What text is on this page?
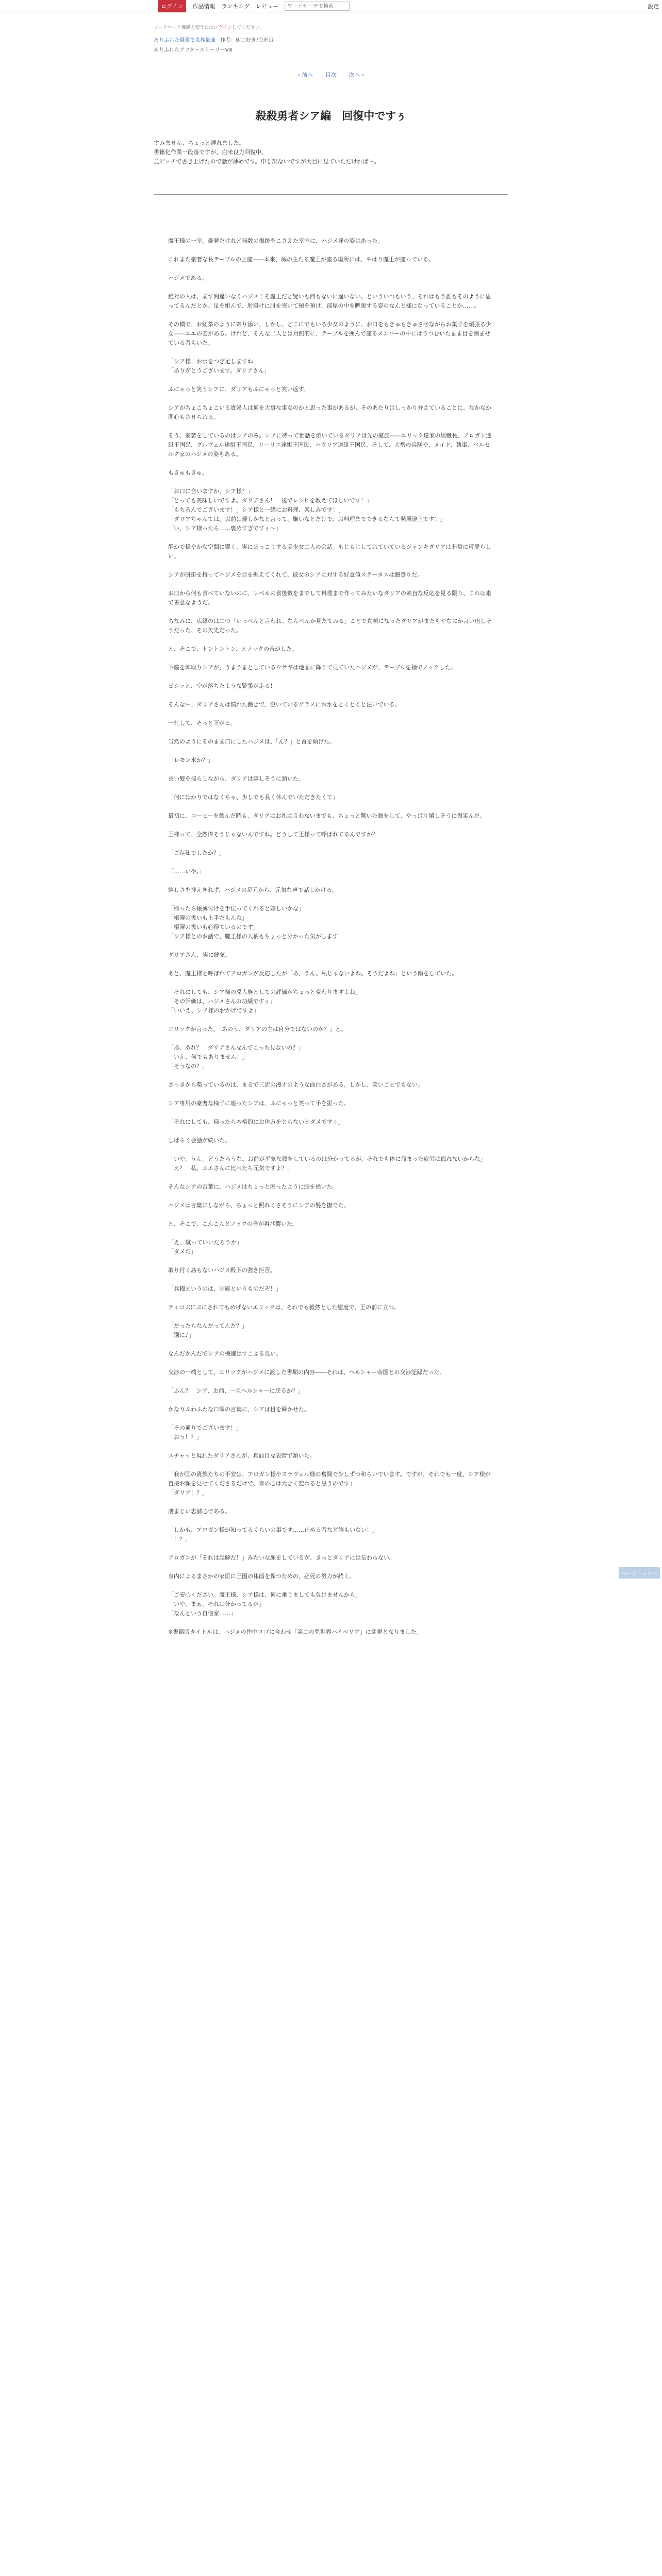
ログイン	作品情報 ランキング レビュー
ワードサーチで検索	設定
ブックマーク機能を使うにはログインしてください。
ありふれた職業で世界最強 作者：厨二好き/白米良
ありふれたアフターストーリーⅧ
‹ 前へ 目次 次へ ›
殺殺勇者シア編　回復中ですぅ

すみません、ちょっと遅れました。

書籍化作業一段落ですが、白米良力回復中。

並ピッチで書き上げたので話が薄めです。申し訳ないですが大目に見ていただければ〜。

魔王様の一室。豪奢だけれど無数の傷跡をこさえた室室に、ハジメ達の姿はあった。

これまた豪奢な長テーブルの上座――本来、城の主たる魔王が座る場所には、やはり魔王が座っている。

ハジメである。

絶対の人は、まず間違いなくハジメこそ魔王だと疑いも何もないに違いない。といういつもいう、それはもう誰もそのように思ってるんだとか。足を組んで、肘掛けに肘を突いて頬を預け、部屋の中を睥睨する姿のなんと様になっていることか……。

その横で、お紅茶のように寄り添い、しかし、どこにでもいる少女のように、お口をもきゅもきゅさせながらお菓子を頬張る少女――ユエの姿がある。けれど、そんな二人とは対照的に、テーブルを囲んで座るメンバーの中にはうつむいたまま目を潤ませている者もいた。

「シア様、お水をつぎ足しますね」
「ありがとうございます。ダリアさん」

ふにゃっと笑うシアに、ダリアもふにゃっと笑い返す。

シアがちょこちょこいる貴婦人は何を大事な事なのかと思った事があるが、そのあたりはしっかり弁えていることに、なかなか関心もさせられる。

そう、豪奢をしているのはシアのみ。シアに待って世話を焼いているダリアは先の豪族――エリック達家の組織長、アロガン達組王国民、グルヴェル達組王国民、リーリエ達組王国民、ハウリア達組王国民、そして、大勢の兵隊や、メイド、執事、ベルセルク家のハジメの姿もある。

もきゅもきゅ。

「お口に合いますか、シア様？」
「とっても美味しいですよ。ダリアさん！　後でレシピを教えてほしいです！」
「もちろんでございます！」シア様と一緒にお料理、楽しみです！」
「ダリアちゃんては、以前は優しかなと言って、嫌いなとだけで、お料理までできるなんて発展途上です！」
「い、シア様ったら……褒めすぎですぅ～」

静かで穏やかな空間に響く、実にほっこりする美少女二人の会話。もじもじしてれていているジャンキダリアは非常に可愛らしい。

シアが肘掛を持ってハジメを目を据えてくれて、彼女のシアに対する好意値ステータスは鰻登りだ。

お皿から何も食べていないのに、レベルの食後数をまでして料理まで作ってみたいなダリアの素直な反応を見る限り、これは素で善意なようだ。

ちなみに、広縁のは二つ「いっぺんと言われ、なんぺんか見たてみる」ことで真剣になったダリアがまたもやなにか言い出しそうだった、その矢先だった。

と、そこで、トントントン、とノックの音がした。

下座を陣取りシアが、うまうまとしているウサギは地面に降りて見ていたハジメが、テーブルを指でノックした。

ビシッと、空が落ちたような緊張が走る！

そんな中、ダリアさんは慣れた動きで、空いているグラスにお水をとくとくと注いでいる。

一礼して、そっと下がる。

当然のようにそのまま口にしたハジメは、「ん？」と首を傾げた。

「レモン水か？」

長い髪を揺らしながら、ダリアは嬉しそうに頷いた。

「何にはかりではなくちゃ、少しでも長く休んでいただきたくて」

最初に、コーヒーを飲んだ時も、ダリアはお礼は言わないまでも、ちょっと驚いた顔をして、やっぱり嬉しそうに微笑んだ。

王様って、全然偉そうじゃないんですね。どうして王様って呼ばれてるんですか？

「ご存知でしたか？」

「……いや。」

嬉しさを抑えきれず、ハジメの足元から、元気な声で話しかける。

「帰ったら帳簿付けを手伝ってくれると嬉しいかな」
「帳簿の扱いも上手だもんね」
「帳簿の扱いも心得ているのです」
「シア様とのお話で、魔王様の人柄もちょっと分かった気がします」

ダリアさん、実に健気。

あと、魔王様と呼ばれてアロガンが反応したが「あ、うん。私じゃないよね。そうだよね」という顔をしていた。

「それにしても、シア様の兎人族としての評価がちょっと変わりますよね」
「その評価は、ハジメさんの功績ですぅ」
「いいえ、シア様のおかげですよ」

エリックが言った。「あのう、ダリアの主は自分ではないのか？」と。

「あ、あれ？　ダリアさんなんでこっち見ないの？」
「いえ、何でもありません！」
「そうなの？」

さっきから喋っているのは、まるで三流の漫才のような面白さがある。しかし、笑いごとでもない。

シア専用の豪奢な椅子に座ったシアは、ふにゃっと笑って手を振った。

「それにしても、帰ったら本格的にお休みをとらないとダメですぅ」

しばらく会話が続いた。

「いや、うん。どうだろうな。お前が平気な顔をしているのは分かってるが、それでも体に溜まった疲労は侮れないからな」
「え？　私、ユエさんに比べたら元気ですよ？」

そんなシアの言葉に、ハジメはちょっと困ったように頭を掻いた。

ハジメは言葉にしながら、ちょっと照れくさそうにシアの髪を撫でた。

と、そこで、こんこんとノックの音が再び響いた。

「え、戦っていいだろうか」
「ダメだ」

取り付く島もないハジメ殿下の強き拒否。

「兵糧というのは、国庫というものだぞ！」

ティコぷにぷにされてもめげないエリックは、それでも毅然とした態度で、王の前に立つ。

「だったらなんだってんだ？」
「別に♪」

なんだかんだでシアの機嫌はすこぶる良い。

交渉の一端として、エリックがハジメに渡した書類の内容――それは、ヘルシャー帝国との交渉記録だった。

「ふん？　シア、お前、一旦ヘルシャーに戻るか？」

かなりふわふわな口調の言葉に、シアは目を瞬かせた。

「その通りでございます！」
「おう！？」

スチャッと現れたダリアさんが、真面目な表情で頷いた。

「我が国の貴族たちの不安は、アロガン様やスラヴェル様の奮闘で少しずつ和らいでいます。ですが、それでも一度、シア様が直接お顔を見せてくださるだけで、皆の心は大きく変わると思うのです」
「ダリア！？」

凄まじい忠誠心である。

「しかも、アロガン様が知ってるくらいの事です……止める者など誰もいない！」
「！？」

アロガンが「それは誤解だ！」みたいな顔をしているが、きっとダリアには伝わらない。

身内によるまさかの家臣に王国の体面を保つための、必死の努力が続く。

「ご安心ください。魔王様、シア様は、何に乗りましても負けませんから」
「いや、まぁ、それは分かってるが」
「なんという自信家……」

※書籍版タイトルは、ハジメの作中ロゴに合わせ「第二の異世界ハイベリア」に変更となりました。

ページトップへ
